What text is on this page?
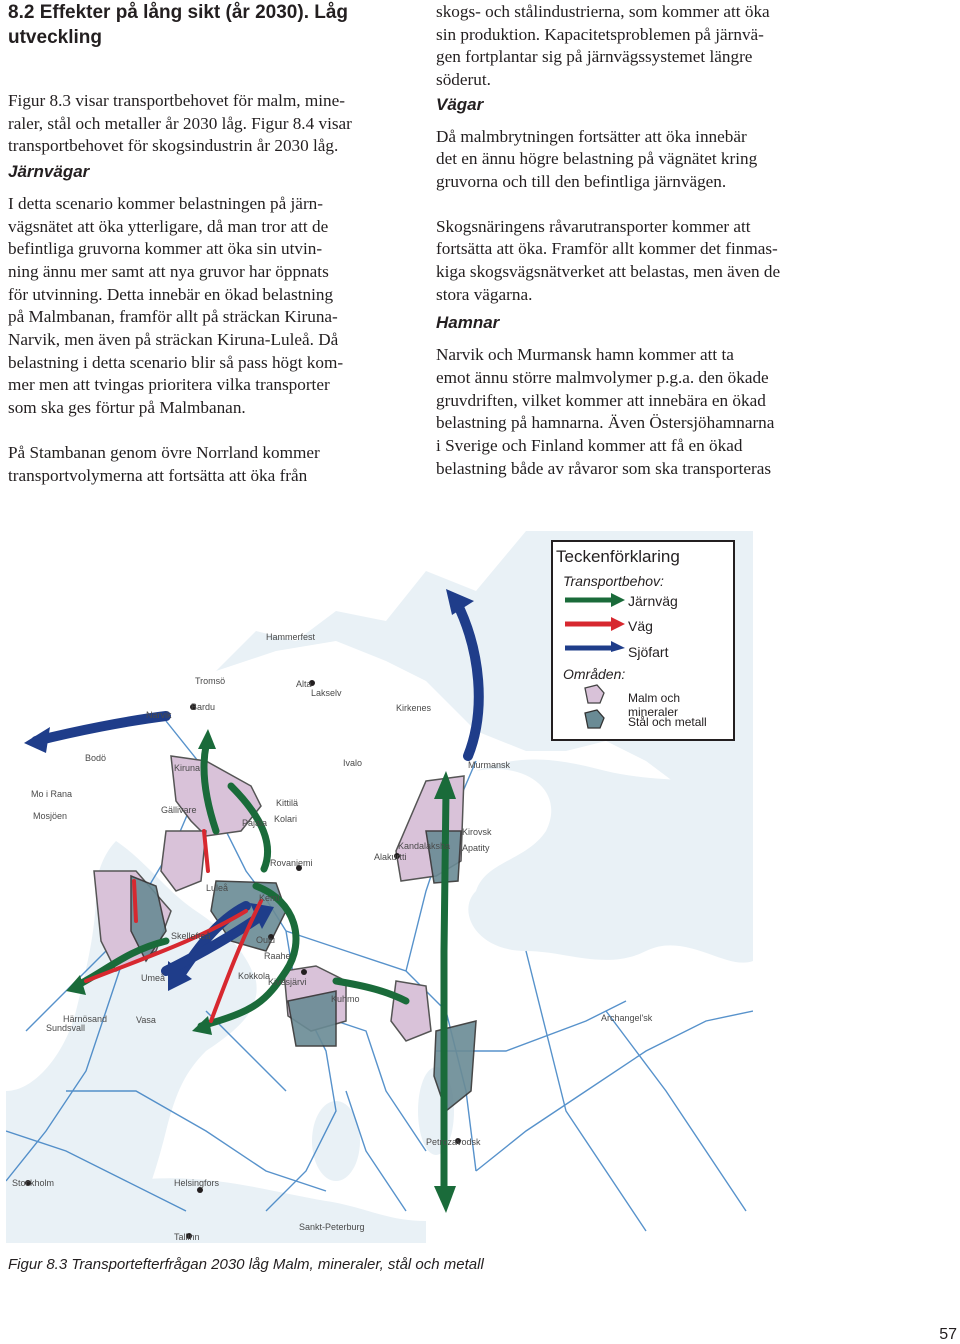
8.2 Effekter på lång sikt (år 2030). Låg
utveckling

Figur 8.3 visar transportbehovet för malm, mine-

raler, stål och metaller år 2030 låg. Figur 8.4 visar

transportbehovet för skogsindustrin år 2030 låg.

Järnvägar

I detta scenario kommer belastningen på järn-

vägsnätet att öka ytterligare, då man tror att de

befintliga gruvorna kommer att öka sin utvin-

ning ännu mer samt att nya gruvor har öppnats

för utvinning. Detta innebär en ökad belastning

på Malmbanan, framför allt på sträckan Kiruna-

Narvik, men även på sträckan Kiruna-Luleå. Då

belastning i detta scenario blir så pass högt kom-

mer men att tvingas prioritera vilka transporter

som ska ges förtur på Malmbanan.

På Stambanan genom övre Norrland kommer

transportvolymerna att fortsätta att öka från

skogs- och stålindustrierna, som kommer att öka

sin produktion. Kapacitetsproblemen på järnvä-

gen fortplantar sig på järnvägssystemet längre

söderut.

Vägar

Då malmbrytningen fortsätter att öka innebär

det en ännu högre belastning på vägnätet kring

gruvorna och till den befintliga järnvägen.

Skogsnäringens råvarutransporter kommer att

fortsätta att öka. Framför allt kommer det finmas-

kiga skogsvägsnätverket att belastas, men även de

stora vägarna.

Hamnar

Narvik och Murmansk hamn kommer att ta

emot ännu större malmvolymer p.g.a. den ökade

gruvdriften, vilket kommer att innebära en ökad

belastning på hamnarna. Även Östersjöhamnarna

i Sverige och Finland kommer att få en ökad

belastning både av råvaror som ska transporteras

Hammerfest
Tromsö	Alta
Lakselv
Bardu
Narvik
Kirkenes
Bodö
Kiruna	Ivalo	Murmansk
Mo i Rana
Mosjöen
Gällivare
Kittilä
Pajala Kolari
Kirovsk
Kandalaksha Apatity
Alakurtti
Rovaniemi
Luleå
Kemi
Skellefteå	Oulu
Raahe
Umeå	Kokkola
Kivesjärvi
Kuhmo
Vasa
Härnösand
Sundsvall
Archangel'sk
Petrozavodsk
Stockholm	Helsingfors
Sankt-Peterburg
Tallinn
Teckenförklaring
Transportbehov:
Järnväg
Väg
Sjöfart
Områden:
Malm och mineraler
Stål och metall
Figur 8.3 Transportefterfrågan 2030 låg Malm, mineraler, stål och metall
57
